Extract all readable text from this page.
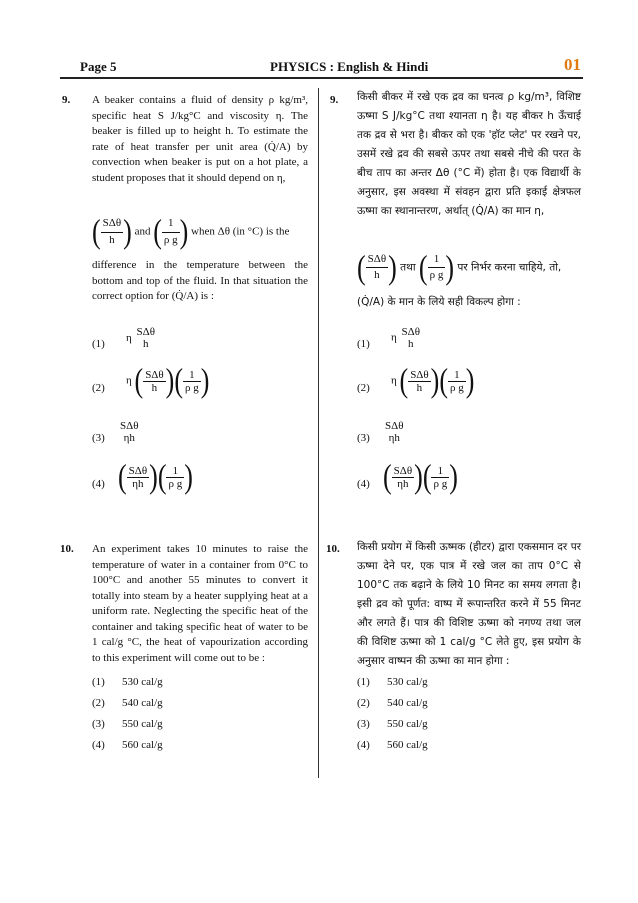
Page 5	PHYSICS : English & Hindi	01
9. A beaker contains a fluid of density ρ kg/m³, specific heat S J/kg°C and viscosity η. The beaker is filled up to height h. To estimate the rate of heat transfer per unit area (Q̇/A) by convection when beaker is put on a hot plate, a student proposes that it should depend on η,
( $\frac{\text{SΔθ}}{h}$ ) and ( $\frac{1}{\text{ρ g}}$ ) when Δθ (in °C) is the
difference in the temperature between the bottom and top of the fluid. In that situation the correct option for (Q̇/A) is :
(1) η SΔθ
h
(2)
η ( $\frac{\text{SΔθ}}{h}$ )( $\frac{1}{\text{ρ g}}$ )
(3)
SΔθ
ηh
(4) ( $\frac{\text{SΔθ}}{\eta h}$ )( $\frac{1}{\text{ρ g}}$ )
9. किसी बीकर में रखे एक द्रव का घनत्व ρ kg/m³, विशिष्ट ऊष्मा S J/kg°C तथा श्यानता η है। यह बीकर h ऊँचाई तक द्रव से भरा है। बीकर को एक 'हॉट प्लेट' पर रखने पर, उसमें रखे द्रव की सबसे ऊपर तथा सबसे नीचे की परत के बीच ताप का अन्तर Δθ (°C में) होता है। एक विद्यार्थी के अनुसार, इस अवस्था में संवहन द्वारा प्रति इकाई क्षेत्रफल ऊष्मा का स्थानान्तरण, अर्थात् (Q̇/A) का मान η,
( $\frac{\text{SΔθ}}{h}$ ) तथा ( $\frac{1}{\text{ρ g}}$ ) पर निर्भर करना चाहिये, तो,
(Q̇/A) के मान के लिये सही विकल्प होगा :
(1)
η SΔθ
h
(2)
η ( $\frac{\text{SΔθ}}{h}$ )( $\frac{1}{\text{ρ g}}$ )
(3)
SΔθ
ηh
(4) ( $\frac{\text{SΔθ}}{\eta h}$ )( $\frac{1}{\text{ρ g}}$ )
10. An experiment takes 10 minutes to raise the temperature of water in a container from 0°C to 100°C and another 55 minutes to convert it totally into steam by a heater supplying heat at a uniform rate. Neglecting the specific heat of the container and taking specific heat of water to be 1 cal/g °C, the heat of vapourization according to this experiment will come out to be :
(1) 530 cal/g
(2) 540 cal/g
(3) 550 cal/g
(4) 560 cal/g
10. किसी प्रयोग में किसी ऊष्मक (हीटर) द्वारा एकसमान दर पर ऊष्मा देने पर, एक पात्र में रखे जल का ताप 0°C से 100°C तक बढ़ाने के लिये 10 मिनट का समय लगता है। इसी द्रव को पूर्णत: वाष्प में रूपान्तरित करने में 55 मिनट और लगते हैं। पात्र की विशिष्ट ऊष्मा को नगण्य तथा जल की विशिष्ट ऊष्मा को 1 cal/g °C लेते हुए, इस प्रयोग के अनुसार वाष्पन की ऊष्मा का मान होगा :
(1) 530 cal/g
(2) 540 cal/g
(3) 550 cal/g
(4) 560 cal/g
